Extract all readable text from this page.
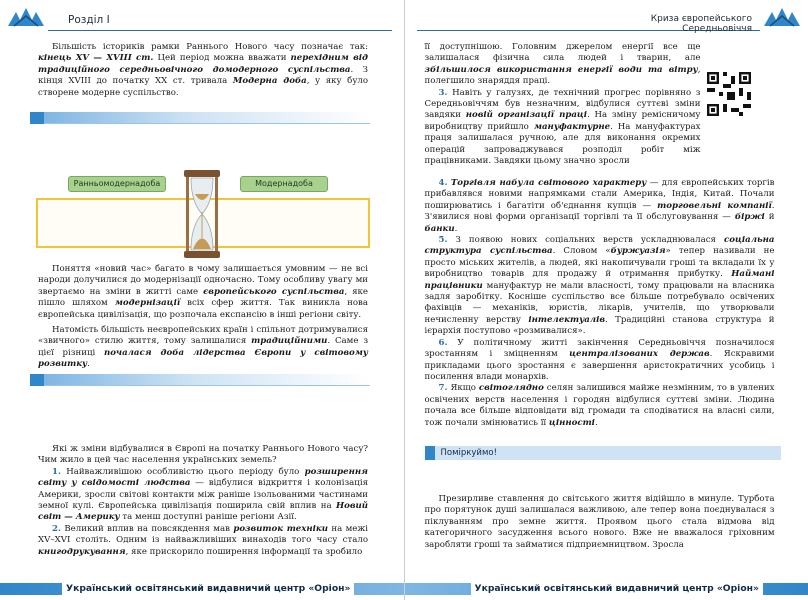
Розділ I

Більшість істориків рамки Раннього Нового часу позначає так: кінець XV — XVIII ст. Цей період можна вважати перехідним від традиційного середньовічного домодерного суспільства. З кінця XVIII до початку XX ст. тривала Модерна доба, у яку було створене модерне суспільство.

Ранньомодернадоба	Модернадоба

Поняття «новий час» багато в чому залишається умовним — не всі народи долучилися до модернізації одночасно. Тому особливу увагу ми звертаємо на зміни в житті саме європейського суспільства, яке пішло шляхом модернізації всіх сфер життя. Так виникла нова європейська цивілізація, що розпочала експансію в інші регіони світу.

Натомість більшість неєвропейських країн і спільнот дотримувалися «звичного» стилю життя, тому залишалися традиційними. Саме з цієї різниці почалася доба лідерства Європи у світовому розвитку.

Які ж зміни відбувалися в Європі на початку Раннього Нового часу? Чим жило в цей час населення українських земель?

1. Найважливішою особливістю цього періоду було розширення світу у свідомості людства — відбулися відкриття і колонізація Америки, зросли світові контакти між раніше ізольованими частинами земної кулі. Європейська цивілізація поширила свій вплив на Новий світ — Америку та менш доступні раніше регіони Азії.

2. Великий вплив на повсякдення мав розвиток техніки на межі XV–XVI століть. Одним із найважливіших винаходів того часу стало книгодрукування, яке прискорило поширення інформації та зробило

Український освітянський видавничий центр «Оріон»
Криза європейського
Середньовіччя

її доступнішою. Головним джерелом енергії все ще залишалася фізична сила людей і тварин, але збільшилося використання енергії води та вітру, полегшило знаряддя праці.

3. Навіть у галузях, де технічний прогрес порівняно з Середньовіччям був незначним, відбулися суттєві зміни завдяки новій організації праці. На зміну ремісничому виробництву прийшло мануфактурне. На мануфактурах праця залишалася ручною, але для виконання окремих операцій запроваджувався розподіл робіт між працівниками. Завдяки цьому значно зросли

4. Торгівля набула світового характеру — для європейських торгів прибавлявся новими напрямками стали Америка, Індія, Китай. Почали поширюватись і багатіти об'єднання купців — торговельні компанії. З'явилися нові форми організації торгівлі та її обслуговування — біржі й банки.

5. З появою нових соціальних верств ускладнювалася соціальна структура суспільства. Словом «буржуазія» тепер називали не просто міських жителів, а людей, які накопичували гроші та вкладали їх у виробництво товарів для продажу й отримання прибутку. Наймані працівники мануфактур не мали власності, тому працювали на власника задля заробітку. Косніше суспільство все більше потребувало освічених фахівців — механіків, юристів, лікарів, учителів, що утворювали нечисленну верству інтелектуалів. Традиційні станова структура й ієрархія поступово «розмивалися».

6. У політичному житті закінчення Середньовіччя позначилося зростанням і зміцненням централізованих держав. Яскравими прикладами цього зростання є завершення аристократичних усобиць і посилення влади монархів.

7. Якщо світоглядно селян залишився майже незмінним, то в увлених освічених верств населення і городян відбулися суттєві зміни. Людина почала все більше відповідати від громади та сподіватися на власні сили, тож почали змінюватись її цінності.

Поміркуймо!

Презирливе ставлення до світського життя відійшло в минуле. Турбота про порятунок душі залишалася важливою, але тепер вона поєднувалася з піклуванням про земне життя. Проявом цього стала відмова від категоричного засудження всього нового. Вже не вважалося гріховним заробляти гроші та займатися підприємництвом. Зросла

Український освітянський видавничий центр «Оріон»
